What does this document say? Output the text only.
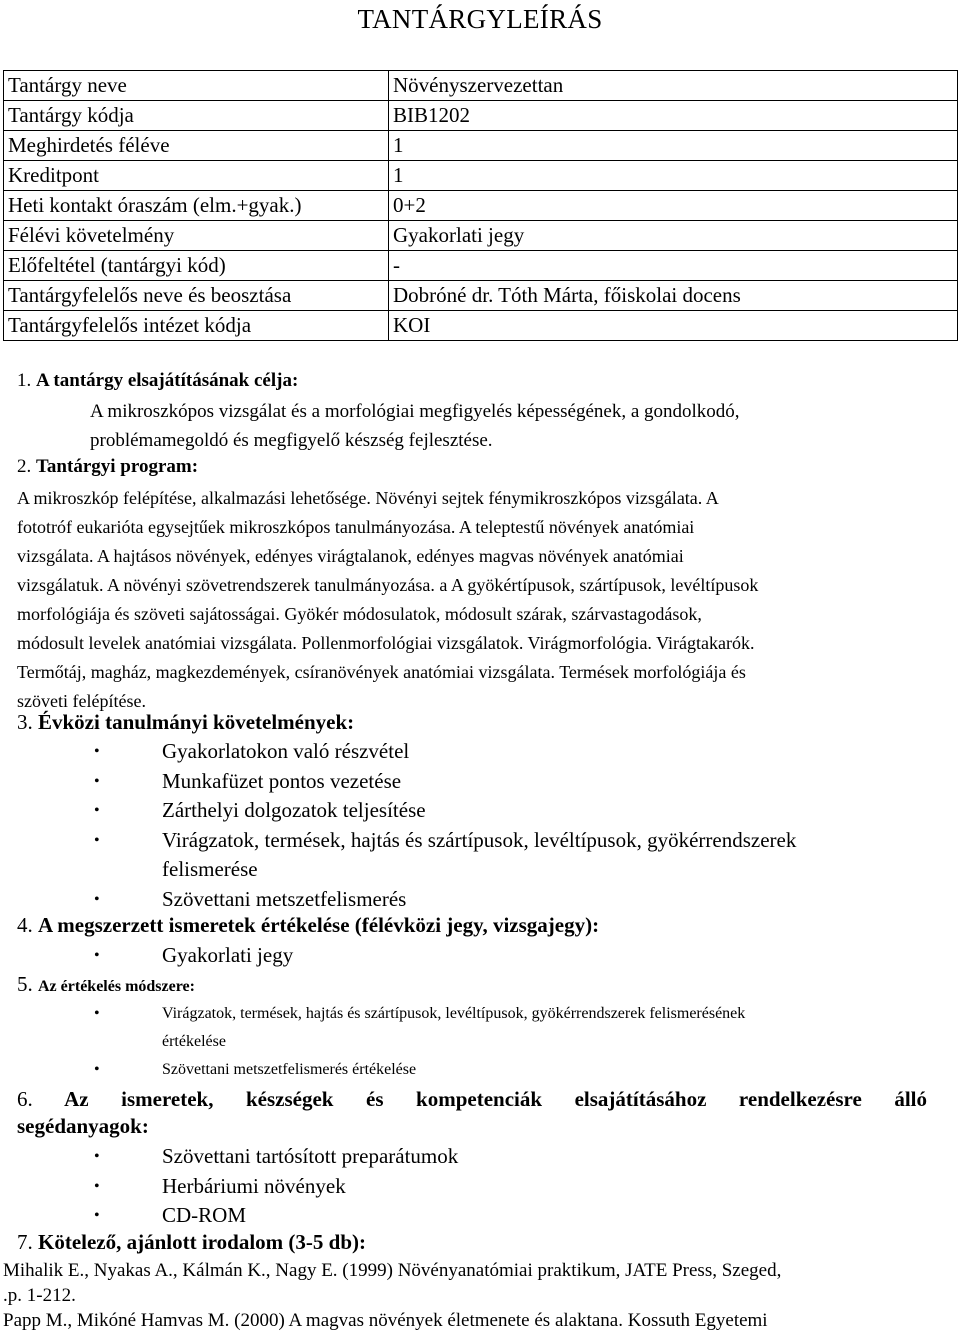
TANTÁRGYLEÍRÁS
Tantárgy neve	Növényszervezettan
Tantárgy kódja	BIB1202
Meghirdetés féléve	1
Kreditpont	1
Heti kontakt óraszám (elm.+gyak.)	0+2
Félévi követelmény	Gyakorlati jegy
Előfeltétel (tantárgyi kód)	-
Tantárgyfelelős neve és beosztása	Dobróné dr. Tóth Márta, főiskolai docens
Tantárgyfelelős intézet kódja	KOI
1. A tantárgy elsajátításának célja:
A mikroszkópos vizsgálat és a morfológiai megfigyelés képességének, a gondolkodó,
problémamegoldó és megfigyelő készség fejlesztése.
2. Tantárgyi program:
A mikroszkóp felépítése, alkalmazási lehetősége. Növényi sejtek fénymikroszkópos vizsgálata. A
fototróf eukarióta egysejtűek mikroszkópos tanulmányozása. A teleptestű növények anatómiai
vizsgálata. A hajtásos növények, edényes virágtalanok, edényes magvas növények anatómiai
vizsgálatuk. A növényi szövetrendszerek tanulmányozása. a A gyökértípusok, szártípusok, levéltípusok
morfológiája és szöveti sajátosságai. Gyökér módosulatok, módosult szárak, szárvastagodások,
módosult levelek anatómiai vizsgálata. Pollenmorfológiai vizsgálatok. Virágmorfológia. Virágtakarók.
Termőtáj, magház, magkezdemények, csíranövények anatómiai vizsgálata. Termések morfológiája és
szöveti felépítése.
3. Évközi tanulmányi követelmények:
•	Gyakorlatokon való részvétel
•	Munkafüzet pontos vezetése
•	Zárthelyi dolgozatok teljesítése
•	Virágzatok, termések, hajtás és szártípusok, levéltípusok, gyökérrendszerek
felismerése
•	Szövettani metszetfelismerés
4. A megszerzett ismeretek értékelése (félévközi jegy, vizsgajegy):
•	Gyakorlati jegy
5. Az értékelés módszere:
•	Virágzatok, termések, hajtás és szártípusok, levéltípusok, gyökérrendszerek felismerésének
értékelése
•	Szövettani metszetfelismerés értékelése
6. Az ismeretek, készségek és kompetenciák elsajátításához rendelkezésre álló
segédanyagok:
•	Szövettani tartósított preparátumok
•	Herbáriumi növények
•	CD-ROM
7. Kötelező, ajánlott irodalom (3-5 db):
Mihalik E., Nyakas A., Kálmán K., Nagy E. (1999) Növényanatómiai praktikum, JATE Press, Szeged,
.p. 1-212.
Papp M., Mikóné Hamvas M. (2000) A magvas növények életmenete és alaktana. Kossuth Egyetemi
